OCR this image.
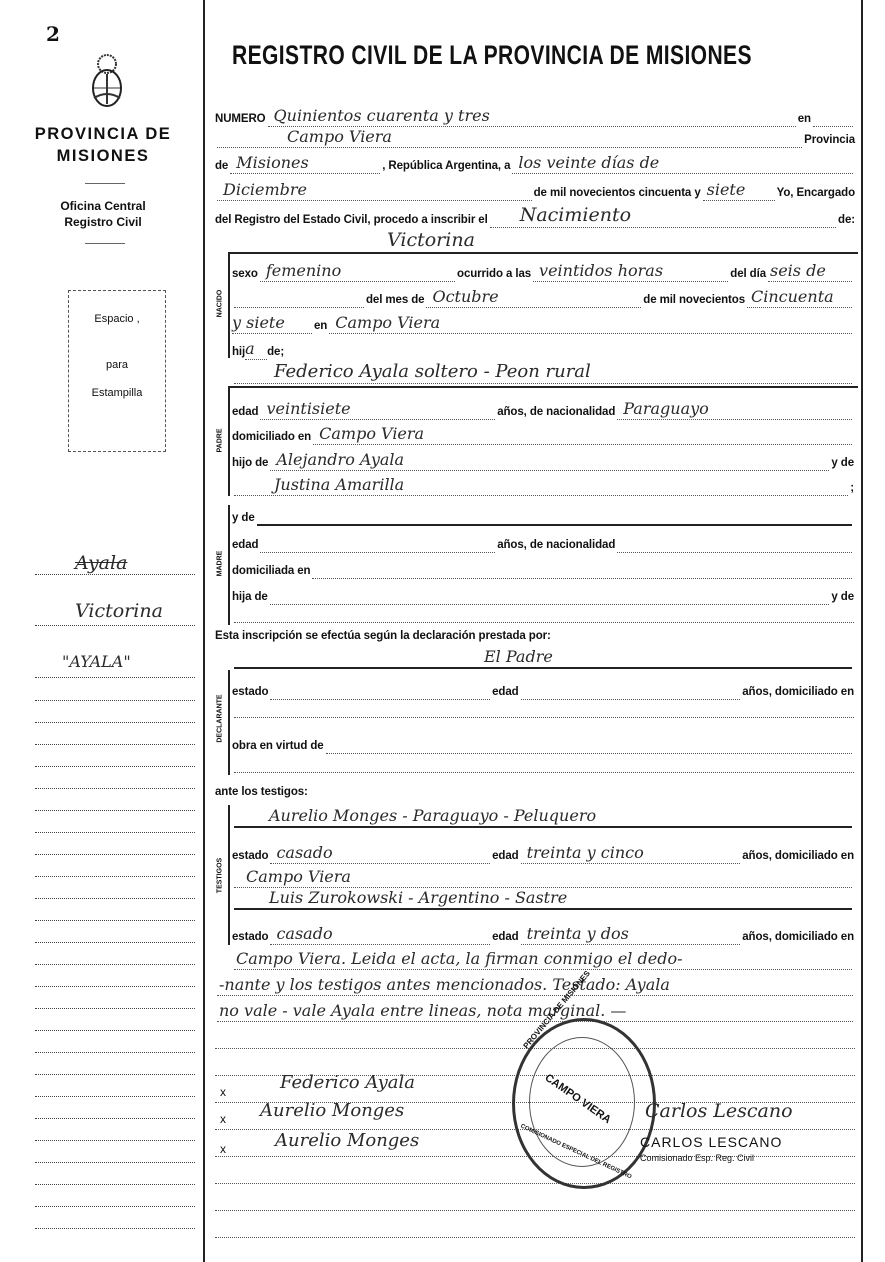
2
PROVINCIA DE
MISIONES
Oficina Central
Registro Civil
Espacio ,
para
Estampilla
Ayala
Victorina
"AYALA"
REGISTRO CIVIL DE LA PROVINCIA DE MISIONES
NUMERO Quinientos cuarenta y tres	en
Campo Viera	Provincia
de Misiones	, República Argentina, a los veinte días de
Diciembre	de mil novecientos cincuenta y siete	Yo, Encargado
del Registro del Estado Civil, procedo a inscribir el Nacimiento	de:
Victorina
NACIDO
sexo femenino	ocurrido a las veintidos horas	del día seis de
del mes de Octubre	de mil novecientos Cincuenta
y siete	en Campo Viera
hij a de;
Federico Ayala soltero - Peon rural
PADRE
edad veintisiete	años, de nacionalidad Paraguayo
domiciliado en Campo Viera
hijo de Alejandro Ayala	y de
Justina Amarilla	;
MADRE
y de
edad	años, de nacionalidad
domiciliada en
hija de	y de
Esta inscripción se efectúa según la declaración prestada por:
El Padre
DECLARANTE
estado	edad	años, domiciliado en
obra en virtud de
ante los testigos:
TESTIGOS
Aurelio Monges - Paraguayo - Peluquero
estado casado	edad treinta y cinco	años, domiciliado en
Campo Viera
Luis Zurokowski - Argentino - Sastre
estado casado	edad treinta y dos	años, domiciliado en
Campo Viera. Leida el acta, la firman conmigo el dedo-
-nante y los testigos antes mencionados. Testado: Ayala
no vale - vale Ayala entre lineas, nota marginal. —
x
x
x
Federico Ayala
Aurelio Monges
Aurelio Monges
PROVINCIA DE MISIONES
CAMPO VIERA
COMISIONADO ESPECIAL DEL REGISTRO
Carlos Lescano
CARLOS LESCANO
Comisionado Esp. Reg. Civil
